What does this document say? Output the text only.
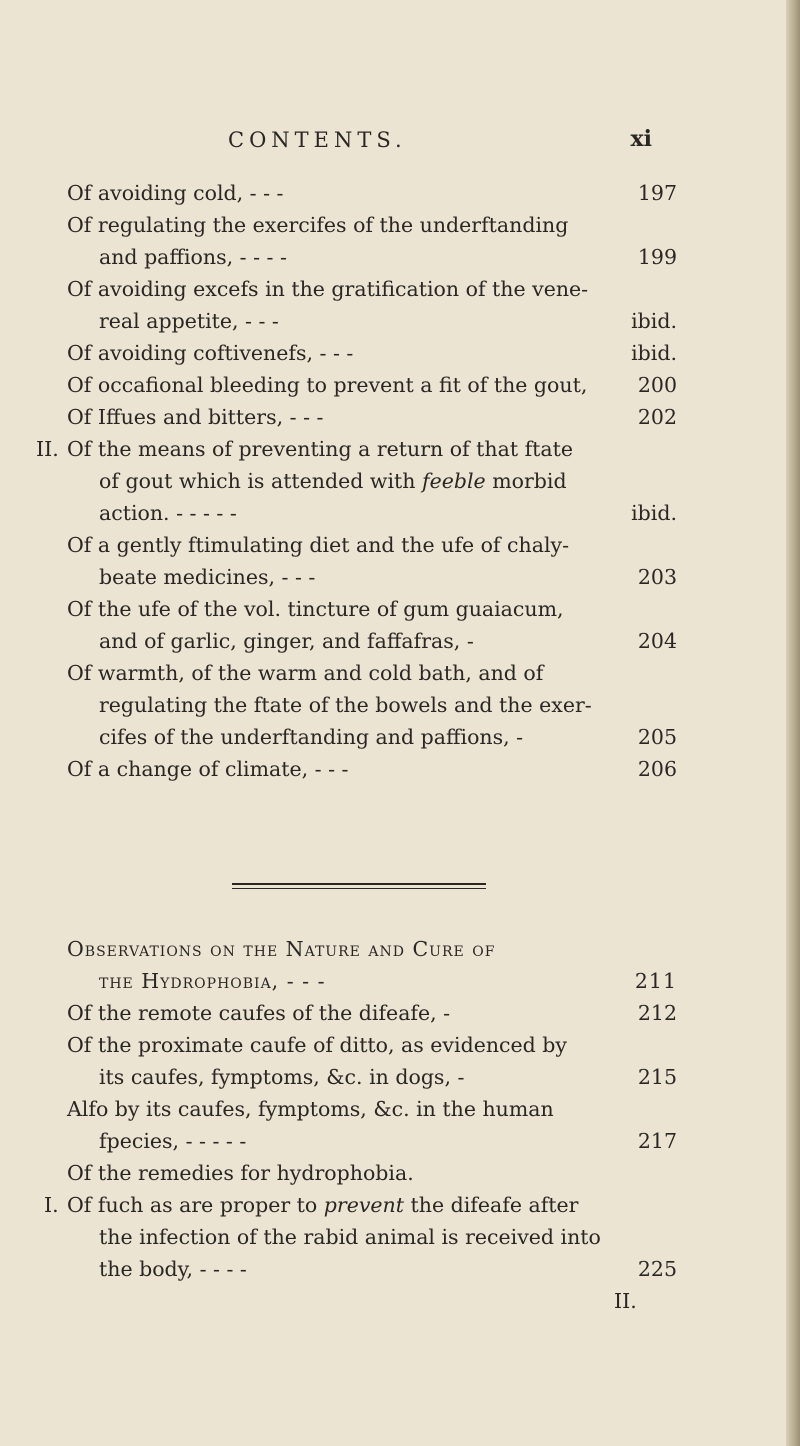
CONTENTS.	xi
Of avoiding cold, - - -	197
Of regulating the exercifes of the underftanding
and paffions, - - - -	199
Of avoiding excefs in the gratification of the vene-
real appetite, - - -	ibid.
Of avoiding coftivenefs, - - -	ibid.
Of occafional bleeding to prevent a fit of the gout,	200
Of Iffues and bitters, - - -	202
II. Of the means of preventing a return of that ftate
of gout which is attended with feeble morbid
action. - - - - -	ibid.
Of a gently ftimulating diet and the ufe of chaly-
beate medicines, - - -	203
Of the ufe of the vol. tincture of gum guaiacum,
and of garlic, ginger, and faffafras, -	204
Of warmth, of the warm and cold bath, and of
regulating the ftate of the bowels and the exer-
cifes of the underftanding and paffions, -	205
Of a change of climate, - - -	206
Observations on the Nature and Cure of
the Hydrophobia, - - -	211
Of the remote caufes of the difeafe, -	212
Of the proximate caufe of ditto, as evidenced by
its caufes, fymptoms, &c. in dogs, -	215
Alfo by its caufes, fymptoms, &c. in the human
fpecies, - - - - -	217
Of the remedies for hydrophobia.
I. Of fuch as are proper to prevent the difeafe after
the infection of the rabid animal is received into
the body, - - - -	225
II.
